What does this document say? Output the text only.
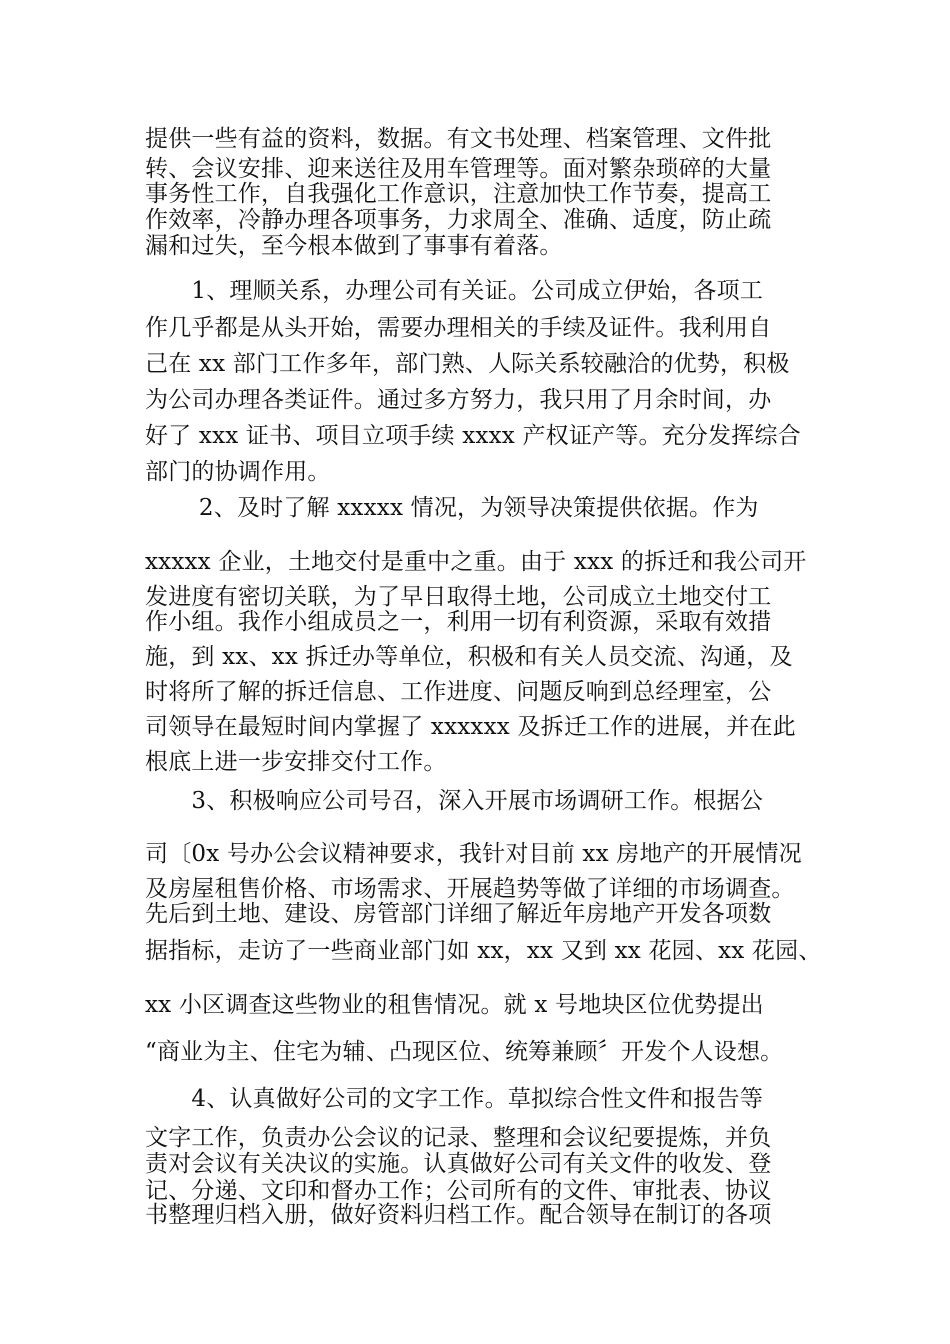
提供一些有益的资料，数据。有文书处理、档案管理、文件批
转、会议安排、迎来送往及用车管理等。面对繁杂琐碎的大量
事务性工作，自我强化工作意识，注意加快工作节奏，提高工
作效率，冷静办理各项事务，力求周全、准确、适度，防止疏
漏和过失，至今根本做到了事事有着落。
　　1、理顺关系，办理公司有关证。公司成立伊始，各项工
作几乎都是从头开始，需要办理相关的手续及证件。我利用自
己在 xx 部门工作多年，部门熟、人际关系较融洽的优势，积极
为公司办理各类证件。通过多方努力，我只用了月余时间，办
好了 xxx 证书、项目立项手续 xxxx 产权证产等。充分发挥综合
部门的协调作用。
　　 2、及时了解 xxxxx 情况，为领导决策提供依据。作为
xxxxx 企业，土地交付是重中之重。由于 xxx 的拆迁和我公司开
发进度有密切关联，为了早日取得土地，公司成立土地交付工
作小组。我作小组成员之一，利用一切有利资源，采取有效措
施，到 xx、xx 拆迁办等单位，积极和有关人员交流、沟通，及
时将所了解的拆迁信息、工作进度、问题反响到总经理室，公
司领导在最短时间内掌握了 xxxxxx 及拆迁工作的进展，并在此
根底上进一步安排交付工作。
　　3、积极响应公司号召，深入开展市场调研工作。根据公
司〔0x 号办公会议精神要求，我针对目前 xx 房地产的开展情况
及房屋租售价格、市场需求、开展趋势等做了详细的市场调查。
先后到土地、建设、房管部门详细了解近年房地产开发各项数
据指标，走访了一些商业部门如 xx，xx 又到 xx 花园、xx 花园、
xx 小区调查这些物业的租售情况。就 x 号地块区位优势提出
“商业为主、住宅为辅、凸现区位、统筹兼顾〞开发个人设想。
　　4、认真做好公司的文字工作。草拟综合性文件和报告等
文字工作，负责办公会议的记录、整理和会议纪要提炼，并负
责对会议有关决议的实施。认真做好公司有关文件的收发、登
记、分递、文印和督办工作；公司所有的文件、审批表、协议
书整理归档入册，做好资料归档工作。配合领导在制订的各项
